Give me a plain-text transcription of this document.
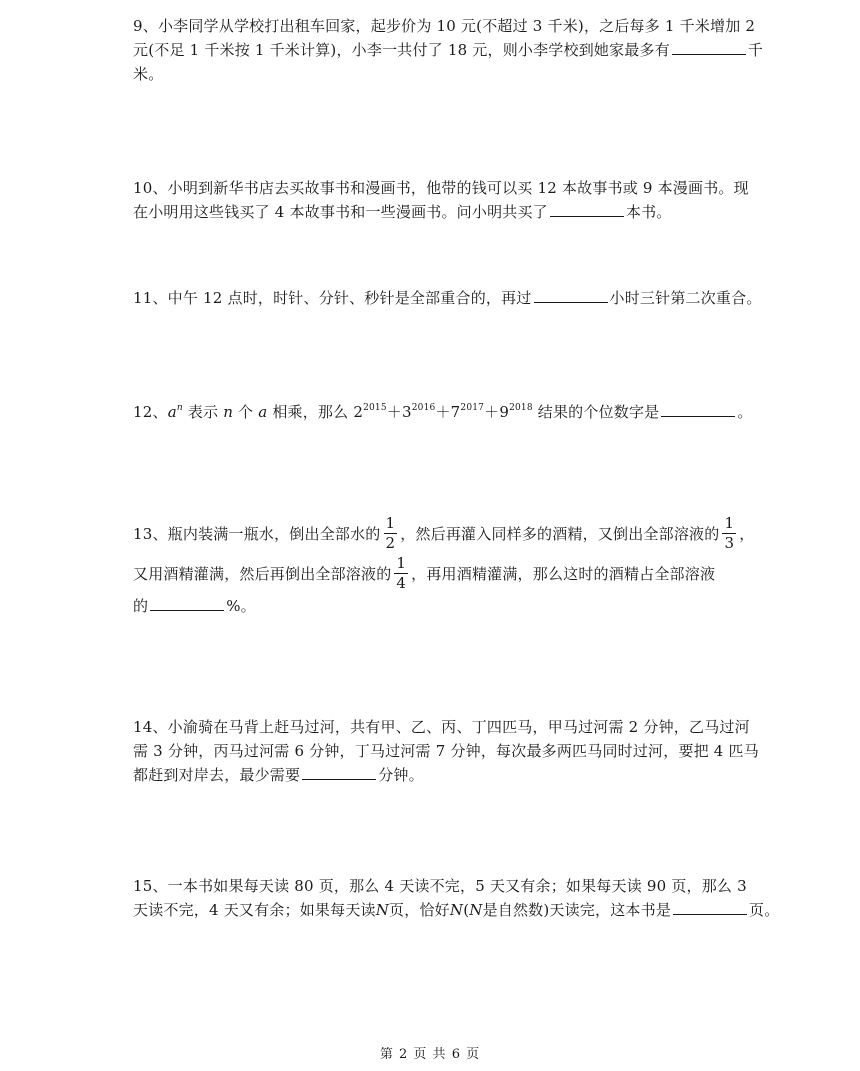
9、小李同学从学校打出租车回家，起步价为 10 元(不超过 3 千米)，之后每多 1 千米增加 2
元(不足 1 千米按 1 千米计算)，小李一共付了 18 元，则小李学校到她家最多有	千
米。
10、小明到新华书店去买故事书和漫画书，他带的钱可以买 12 本故事书或 9 本漫画书。现
在小明用这些钱买了 4 本故事书和一些漫画书。问小明共买了	本书。
11、中午 12 点时，时针、分针、秒针是全部重合的，再过	小时三针第二次重合。
12、$a^n$ 表示 n 个 a 相乘，那么 $2^{2015}+3^{2016}+7^{2017}+9^{2018}$ 结果的个位数字是	。
13、瓶内装满一瓶水，倒出全部水的 $\frac{1}{2}$ ，然后再灌入同样多的酒精，又倒出全部溶液的 $\frac{1}{3}$ ，
又用酒精灌满，然后再倒出全部溶液的 $\frac{1}{4}$ ，再用酒精灌满，那么这时的酒精占全部溶液
的	%。
14、小渝骑在马背上赶马过河，共有甲、乙、丙、丁四匹马，甲马过河需 2 分钟，乙马过河
需 3 分钟，丙马过河需 6 分钟，丁马过河需 7 分钟，每次最多两匹马同时过河，要把 4 匹马
都赶到对岸去，最少需要	分钟。
15、一本书如果每天读 80 页，那么 4 天读不完，5 天又有余；如果每天读 90 页，那么 3
天读不完，4 天又有余；如果每天读N页，恰好N(N是自然数)天读完，这本书是	页。
第 2 页 共 6 页
